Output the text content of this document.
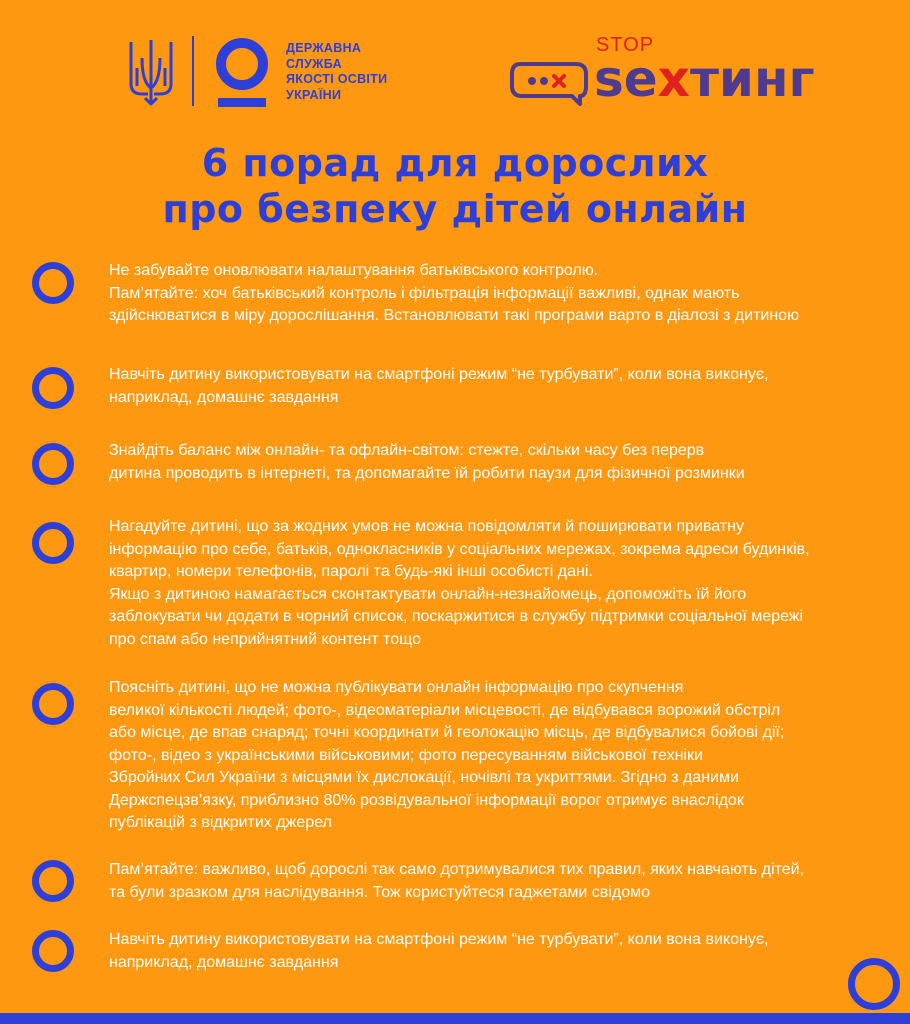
ДЕРЖАВНА
СЛУЖБА
ЯКОСТІ ОСВІТИ
УКРАЇНИ
STOP
sexтинг
6 порад для дорослих
про безпеку дітей онлайн
Не забувайте оновлювати налаштування батьківського контролю.
Пам’ятайте: хоч батьківський контроль і фільтрація інформації важливі, однак мають
здійснюватися в міру дорослішання. Встановлювати такі програми варто в діалозі з дитиною
Навчіть дитину використовувати на смартфоні режим “не турбувати”, коли вона виконує,
наприклад, домашнє завдання
Знайдіть баланс між онлайн- та офлайн-світом: стежте, скільки часу без перерв
дитина проводить в інтернеті, та допомагайте їй робити паузи для фізичної розминки
Нагадуйте дитині, що за жодних умов не можна повідомляти й поширювати приватну
інформацію про себе, батьків, однокласників у соціальних мережах, зокрема адреси будинків,
квартир, номери телефонів, паролі та будь-які інші особисті дані.
Якщо з дитиною намагається сконтактувати онлайн-незнайомець, допоможіть їй його
заблокувати чи додати в чорний список, поскаржитися в службу підтримки соціальної мережі
про спам або неприйнятний контент тощо
Поясніть дитині, що не можна публікувати онлайн інформацію про скупчення
великої кількості людей; фото-, відеоматеріали місцевості, де відбувався ворожий обстріл
або місце, де впав снаряд; точні координати й геолокацію місць, де відбувалися бойові дії;
фото-, відео з українськими військовими; фото пересуванням військової техніки
Збройних Сил України з місцями їх дислокації, ночівлі та укриттями. Згідно з даними
Держспецзв’язку, приблизно 80% розвідувальної інформації ворог отримує внаслідок
публікацій з відкритих джерел
Пам’ятайте: важливо, щоб дорослі так само дотримувалися тих правил, яких навчають дітей,
та були зразком для наслідування. Тож користуйтеся гаджетами свідомо
Навчіть дитину використовувати на смартфоні режим “не турбувати”, коли вона виконує,
наприклад, домашнє завдання
